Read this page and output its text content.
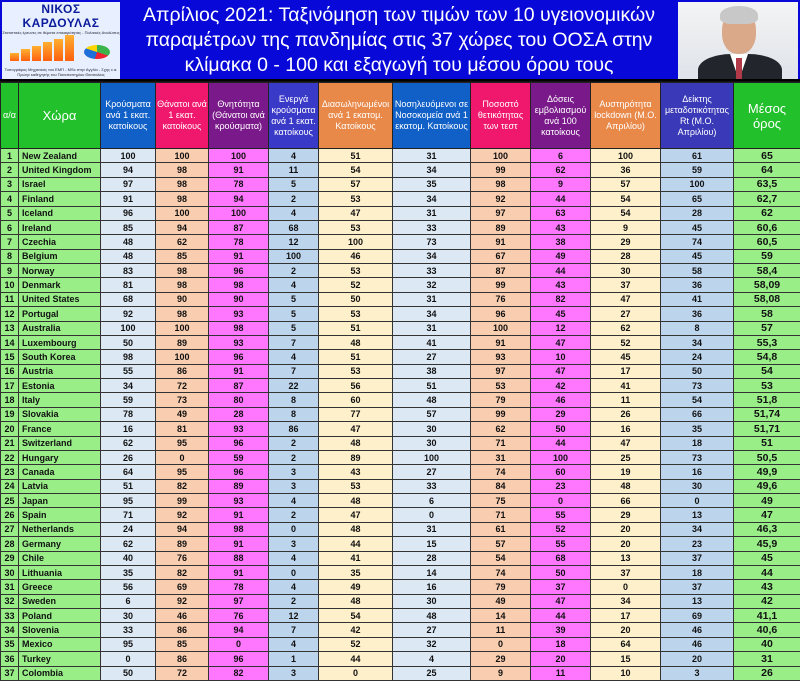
ΝΙΚΟΣ ΚΑΡΔΟΥΛΑΣ
Στατιστικές έρευνες σε θέματα επικαιρότητας - Πολιτικές Αναλύσεις
Τοπογράφος Μηχανικός του ΕΜΠ - MSc στην Αγγλία - Σχης ε.α. Πρώην καθηγητής του Πανεπιστημίου Θεσσαλίας
Απρίλιος 2021: Ταξινόμηση των τιμών των 10 υγειονομικών
παραμέτρων της πανδημίας στις 37 χώρες του ΟΟΣΑ στην
κλίμακα 0 - 100 και εξαγωγή του μέσου όρου τους
α/α	Χώρα	Κρούσματα ανά 1 εκατ. κατοίκους	Θάνατοι ανά 1 εκατ. κατοίκους	Θνητότητα (Θάνατοι ανά κρούσματα)	Ενεργά κρούσματα ανά 1 εκατ. κατοίκους	Διασωληνωμένοι ανά 1 εκατομ. Κατοίκους	Νοσηλευόμενοι σε Νοσοκομεία ανά 1 εκατομ. Κατοίκους	Ποσοστό θετικότητας των τεστ	Δόσεις εμβολιασμού ανά 100 κατοίκους	Αυστηρότητα lockdown (Μ.Ο. Απριλίου)	Δείκτης μεταδοτικότητας Rt (Μ.Ο. Απριλίου)	Μέσος όρος
1	New Zealand	100	100	100	4	51	31	100	6	100	61	65
2	United Kingdom	94	98	91	11	54	34	99	62	36	59	64
3	Israel	97	98	78	5	57	35	98	9	57	100	63,5
4	Finland	91	98	94	2	53	34	92	44	54	65	62,7
5	Iceland	96	100	100	4	47	31	97	63	54	28	62
6	Ireland	85	94	87	68	53	33	89	43	9	45	60,6
7	Czechia	48	62	78	12	100	73	91	38	29	74	60,5
8	Belgium	48	85	91	100	46	34	67	49	28	45	59
9	Norway	83	98	96	2	53	33	87	44	30	58	58,4
10	Denmark	81	98	98	4	52	32	99	43	37	36	58,09
11	United States	68	90	90	5	50	31	76	82	47	41	58,08
12	Portugal	92	98	93	5	53	34	96	45	27	36	58
13	Australia	100	100	98	5	51	31	100	12	62	8	57
14	Luxembourg	50	89	93	7	48	41	91	47	52	34	55,3
15	South Korea	98	100	96	4	51	27	93	10	45	24	54,8
16	Austria	55	86	91	7	53	38	97	47	17	50	54
17	Estonia	34	72	87	22	56	51	53	42	41	73	53
18	Italy	59	73	80	8	60	48	79	46	11	54	51,8
19	Slovakia	78	49	28	8	77	57	99	29	26	66	51,74
20	France	16	81	93	86	47	30	62	50	16	35	51,71
21	Switzerland	62	95	96	2	48	30	71	44	47	18	51
22	Hungary	26	0	59	2	89	100	31	100	25	73	50,5
23	Canada	64	95	96	3	43	27	74	60	19	16	49,9
24	Latvia	51	82	89	3	53	33	84	23	48	30	49,6
25	Japan	95	99	93	4	48	6	75	0	66	0	49
26	Spain	71	92	91	2	47	0	71	55	29	13	47
27	Netherlands	24	94	98	0	48	31	61	52	20	34	46,3
28	Germany	62	89	91	3	44	15	57	55	20	23	45,9
29	Chile	40	76	88	4	41	28	54	68	13	37	45
30	Lithuania	35	82	91	0	35	14	74	50	37	18	44
31	Greece	56	69	78	4	49	16	79	37	0	37	43
32	Sweden	6	92	97	2	48	30	49	47	34	13	42
33	Poland	30	46	76	12	54	48	14	44	17	69	41,1
34	Slovenia	33	86	94	7	42	27	11	39	20	46	40,6
35	Mexico	95	85	0	4	52	32	0	18	64	46	40
36	Turkey	0	86	96	1	44	4	29	20	15	20	31
37	Colombia	50	72	82	3	0	25	9	11	10	3	26
